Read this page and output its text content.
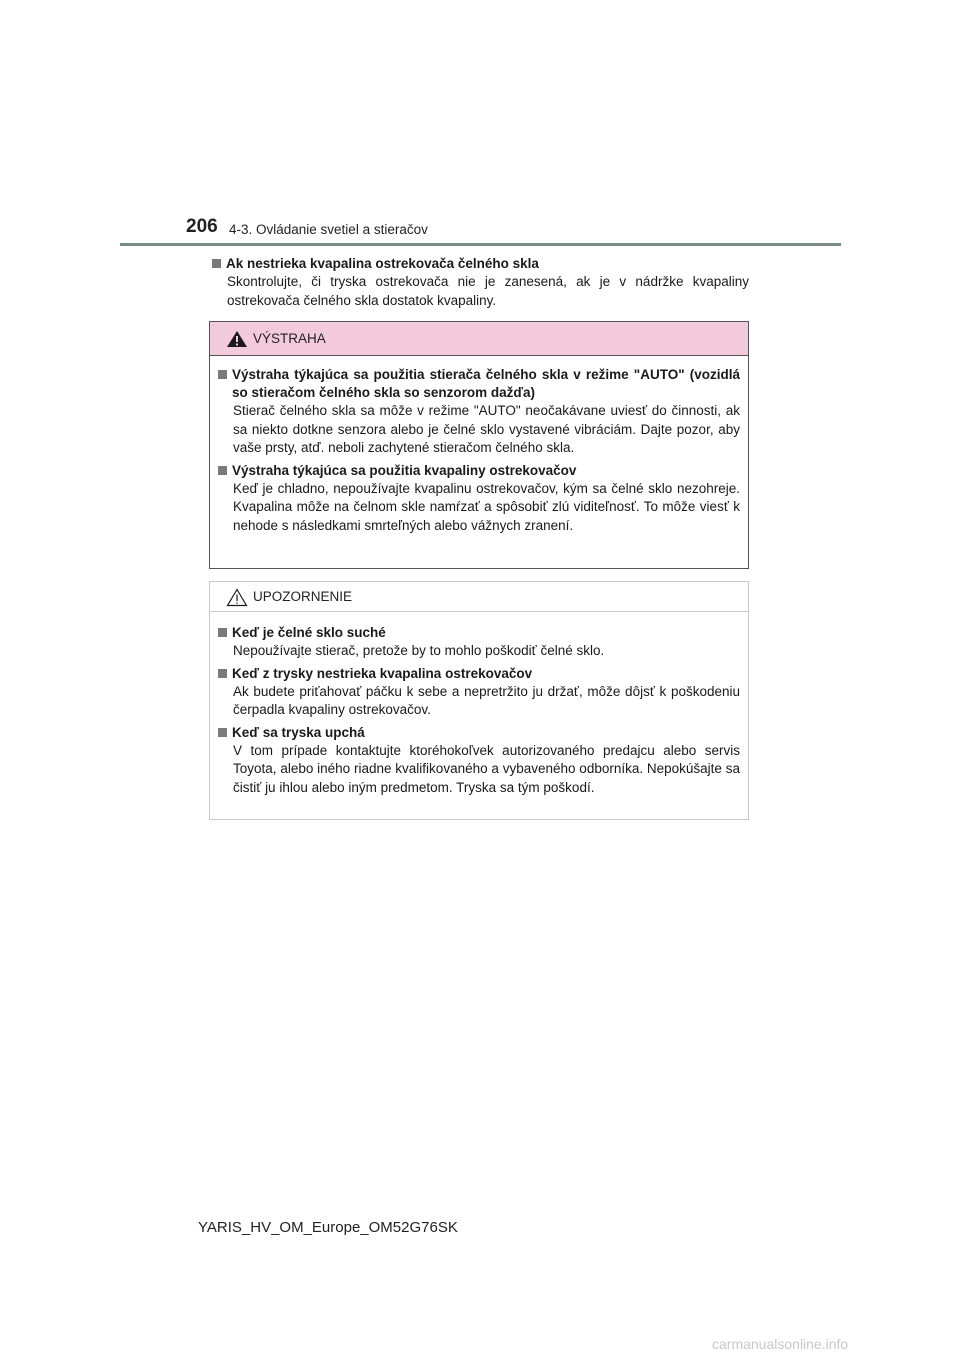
206 4-3. Ovládanie svetiel a stieračov
Ak nestrieka kvapalina ostrekovača čelného skla
Skontrolujte, či tryska ostrekovača nie je zanesená, ak je v nádržke kvapaliny ostrekovača čelného skla dostatok kvapaliny.
VÝSTRAHA
Výstraha týkajúca sa použitia stierača čelného skla v režime "AUTO" (vozidlá so stieračom čelného skla so senzorom dažďa)
Stierač čelného skla sa môže v režime "AUTO" neočakávane uviesť do činnosti, ak sa niekto dotkne senzora alebo je čelné sklo vystavené vibráciám. Dajte pozor, aby vaše prsty, atď. neboli zachytené stieračom čelného skla.
Výstraha týkajúca sa použitia kvapaliny ostrekovačov
Keď je chladno, nepoužívajte kvapalinu ostrekovačov, kým sa čelné sklo nezohreje. Kvapalina môže na čelnom skle namŕzať a spôsobiť zlú viditeľnosť. To môže viesť k nehode s následkami smrteľných alebo vážnych zranení.
UPOZORNENIE
Keď je čelné sklo suché
Nepoužívajte stierač, pretože by to mohlo poškodiť čelné sklo.
Keď z trysky nestrieka kvapalina ostrekovačov
Ak budete priťahovať páčku k sebe a nepretržito ju držať, môže dôjsť k poškodeniu čerpadla kvapaliny ostrekovačov.
Keď sa tryska upchá
V tom prípade kontaktujte ktoréhokoľvek autorizovaného predajcu alebo servis Toyota, alebo iného riadne kvalifikovaného a vybaveného odborníka. Nepokúšajte sa čistiť ju ihlou alebo iným predmetom. Tryska sa tým poškodí.
YARIS_HV_OM_Europe_OM52G76SK
carmanualsonline.info
